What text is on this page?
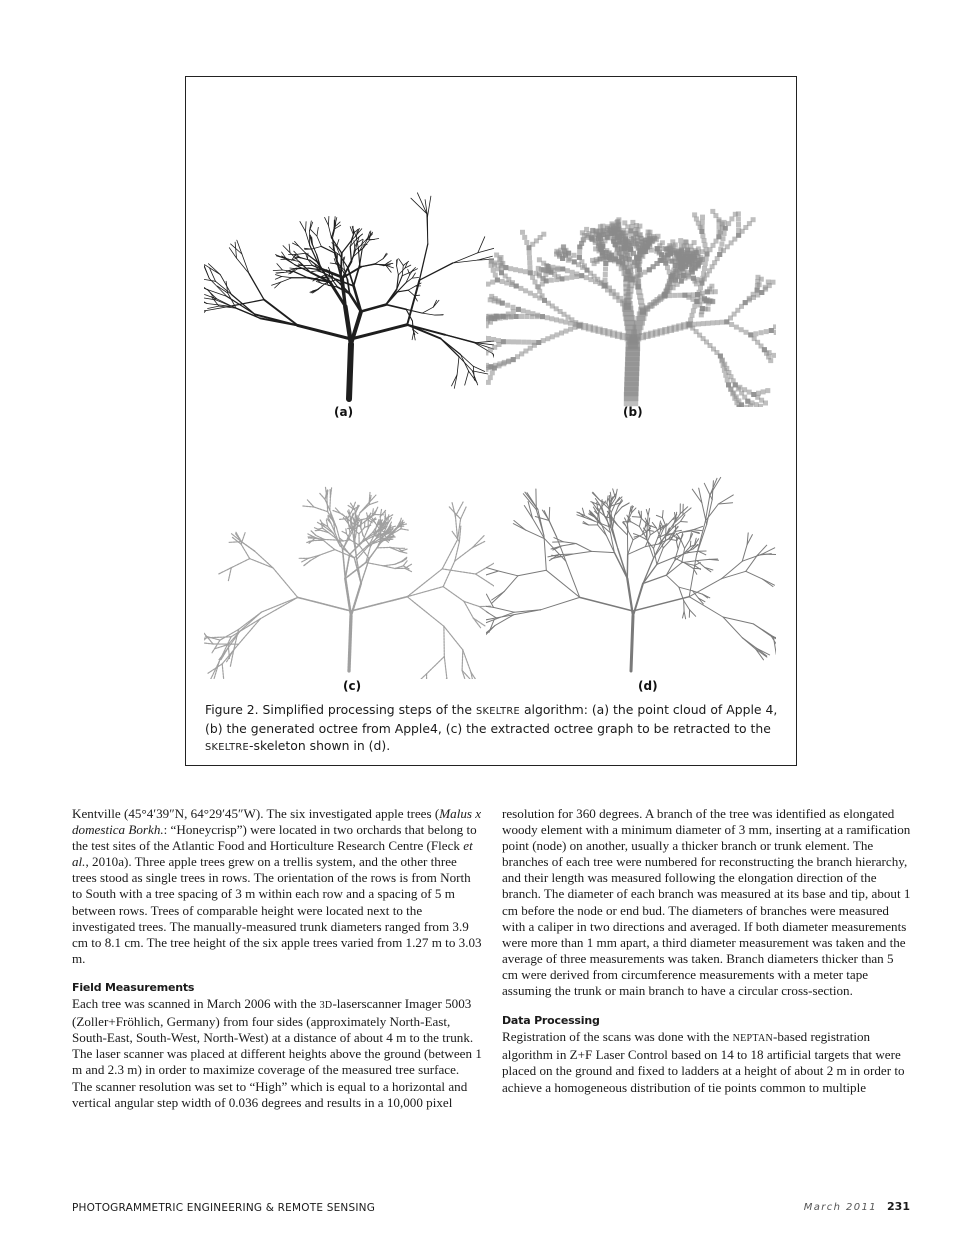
(a)	(b)
(c)	(d)
Figure 2. Simplified processing steps of the SKELTRE algorithm: (a) the point cloud of Apple 4, (b) the generated octree from Apple4, (c) the extracted octree graph to be retracted to the SKELTRE-skeleton shown in (d).

Kentville (45°4′39″N, 64°29′45″W). The six investigated apple trees (Malus x domestica Borkh.: “Honeycrisp”) were located in two orchards that belong to the test sites of the Atlantic Food and Horticulture Research Centre (Fleck et al., 2010a). Three apple trees grew on a trellis system, and the other three trees stood as single trees in rows. The orientation of the rows is from North to South with a tree spacing of 3 m within each row and a spacing of 5 m between rows. Trees of comparable height were located next to the investigated trees. The manually-measured trunk diameters ranged from 3.9 cm to 8.1 cm. The tree height of the six apple trees varied from 1.27 m to 3.03 m.

Field Measurements

Each tree was scanned in March 2006 with the 3D-laserscanner Imager 5003 (Zoller+Fröhlich, Germany) from four sides (approximately North-East, South-East, South-West, North-West) at a distance of about 4 m to the trunk. The laser scanner was placed at different heights above the ground (between 1 m and 2.3 m) in order to maximize coverage of the measured tree surface. The scanner resolution was set to “High” which is equal to a horizontal and vertical angular step width of 0.036 degrees and results in a 10,000 pixel

resolution for 360 degrees. A branch of the tree was identified as elongated woody element with a minimum diameter of 3 mm, inserting at a ramification point (node) on another, usually a thicker branch or trunk element. The branches of each tree were numbered for reconstructing the branch hierarchy, and their length was measured following the elongation direction of the branch. The diameter of each branch was measured at its base and tip, about 1 cm before the node or end bud. The diameters of branches were measured with a caliper in two directions and averaged. If both diameter measurements were more than 1 mm apart, a third diameter measurement was taken and the average of three measurements was taken. Branch diameters thicker than 5 cm were derived from circumference measurements with a meter tape assuming the trunk or main branch to have a circular cross-section.

Data Processing

Registration of the scans was done with the NEPTAN-based registration algorithm in Z+F Laser Control based on 14 to 18 artificial targets that were placed on the ground and fixed to ladders at a height of about 2 m in order to achieve a homogeneous distribution of tie points common to multiple

PHOTOGRAMMETRIC ENGINEERING & REMOTE SENSING	March 2011 231
